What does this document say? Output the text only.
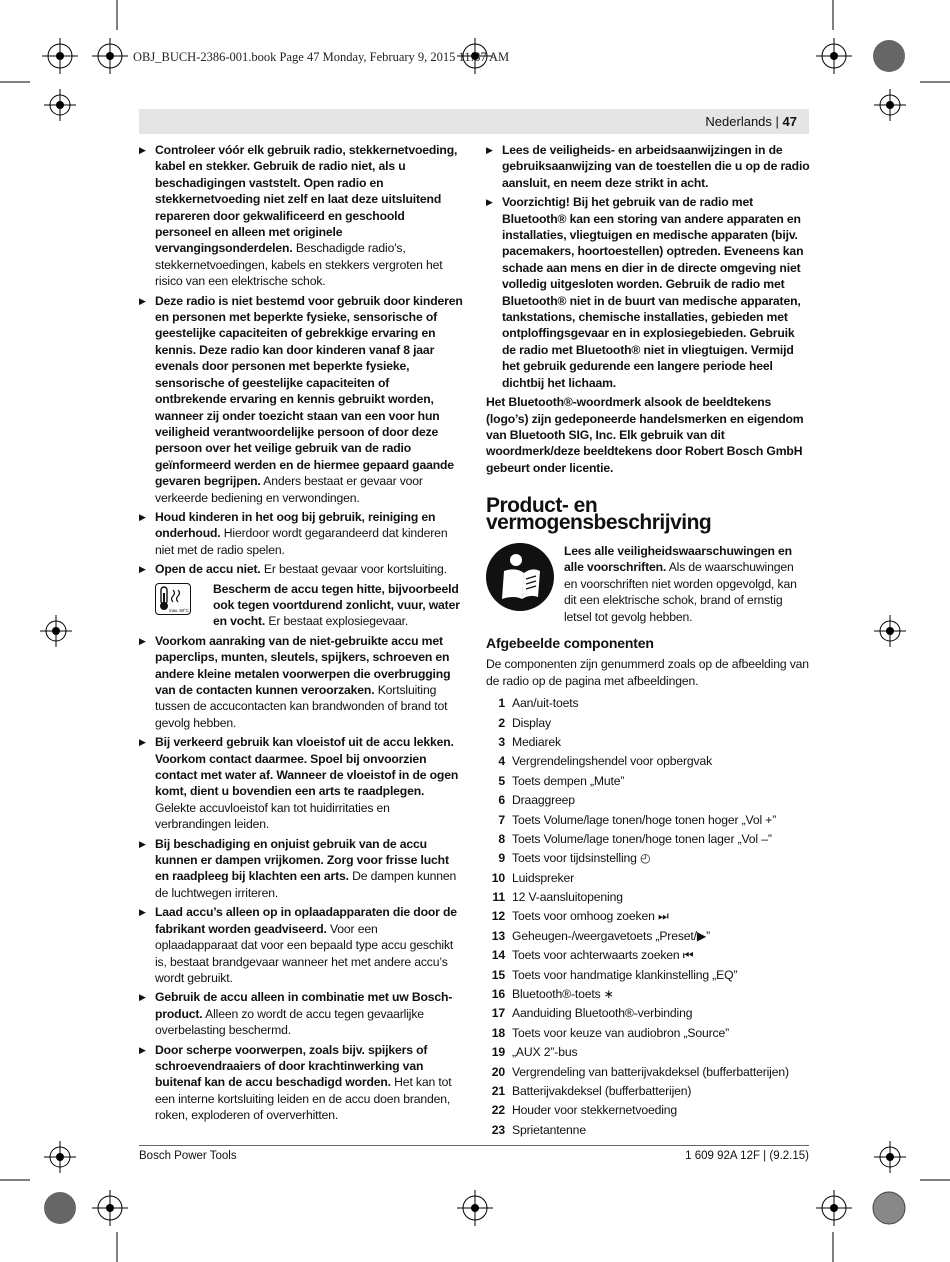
OBJ_BUCH-2386-001.book Page 47 Monday, February 9, 2015 11:37 AM
Nederlands | 47
▶ Controleer vóór elk gebruik radio, stekkernetvoeding, kabel en stekker. Gebruik de radio niet, als u beschadigingen vaststelt. Open radio en stekkernetvoeding niet zelf en laat deze uitsluitend repareren door gekwalificeerd en geschoold personeel en alleen met originele vervangingsonderdelen. Beschadigde radio's, stekkernetvoedingen, kabels en stekkers vergroten het risico van een elektrische schok.
▶ Deze radio is niet bestemd voor gebruik door kinderen en personen met beperkte fysieke, sensorische of geestelijke capaciteiten of gebrekkige ervaring en kennis. Deze radio kan door kinderen vanaf 8 jaar evenals door personen met beperkte fysieke, sensorische of geestelijke capaciteiten of ontbrekende ervaring en kennis gebruikt worden, wanneer zij onder toezicht staan van een voor hun veiligheid verantwoordelijke persoon of door deze persoon over het veilige gebruik van de radio geïnformeerd werden en de hiermee gepaard gaande gevaren begrijpen. Anders bestaat er gevaar voor verkeerde bediening en verwondingen.
▶ Houd kinderen in het oog bij gebruik, reiniging en onderhoud. Hierdoor wordt gegarandeerd dat kinderen niet met de radio spelen.
▶ Open de accu niet. Er bestaat gevaar voor kortsluiting.
max. 50°C
Bescherm de accu tegen hitte, bijvoorbeeld ook tegen voortdurend zonlicht, vuur, water en vocht. Er bestaat explosiegevaar.
▶ Voorkom aanraking van de niet-gebruikte accu met paperclips, munten, sleutels, spijkers, schroeven en andere kleine metalen voorwerpen die overbrugging van de contacten kunnen veroorzaken. Kortsluiting tussen de accucontacten kan brandwonden of brand tot gevolg hebben.
▶ Bij verkeerd gebruik kan vloeistof uit de accu lekken. Voorkom contact daarmee. Spoel bij onvoorzien contact met water af. Wanneer de vloeistof in de ogen komt, dient u bovendien een arts te raadplegen. Gelekte accuvloeistof kan tot huidirritaties en verbrandingen leiden.
▶ Bij beschadiging en onjuist gebruik van de accu kunnen er dampen vrijkomen. Zorg voor frisse lucht en raadpleeg bij klachten een arts. De dampen kunnen de luchtwegen irriteren.
▶ Laad accu’s alleen op in oplaadapparaten die door de fabrikant worden geadviseerd. Voor een oplaadapparaat dat voor een bepaald type accu geschikt is, bestaat brandgevaar wanneer het met andere accu’s wordt gebruikt.
▶ Gebruik de accu alleen in combinatie met uw Bosch-product. Alleen zo wordt de accu tegen gevaarlijke overbelasting beschermd.
▶ Door scherpe voorwerpen, zoals bijv. spijkers of schroevendraaiers of door krachtinwerking van buitenaf kan de accu beschadigd worden. Het kan tot een interne kortsluiting leiden en de accu doen branden, roken, exploderen of oververhitten.
▶ Lees de veiligheids- en arbeidsaanwijzingen in de gebruiksaanwijzing van de toestellen die u op de radio aansluit, en neem deze strikt in acht.
▶ Voorzichtig! Bij het gebruik van de radio met Bluetooth® kan een storing van andere apparaten en installaties, vliegtuigen en medische apparaten (bijv. pacemakers, hoortoestellen) optreden. Eveneens kan schade aan mens en dier in de directe omgeving niet volledig uitgesloten worden. Gebruik de radio met Bluetooth® niet in de buurt van medische apparaten, tankstations, chemische installaties, gebieden met ontploffingsgevaar en in explosiegebieden. Gebruik de radio met Bluetooth® niet in vliegtuigen. Vermijd het gebruik gedurende een langere periode heel dichtbij het lichaam.

Het Bluetooth®-woordmerk alsook de beeldtekens (logo’s) zijn gedeponeerde handelsmerken en eigendom van Bluetooth SIG, Inc. Elk gebruik van dit woordmerk/deze beeldtekens door Robert Bosch GmbH gebeurt onder licentie.

Product- en vermogensbeschrijving
Lees alle veiligheidswaarschuwingen en alle voorschriften. Als de waarschuwingen en voorschriften niet worden opgevolgd, kan dit een elektrische schok, brand of ernstig letsel tot gevolg hebben.
Afgebeelde componenten

De componenten zijn genummerd zoals op de afbeelding van de radio op de pagina met afbeeldingen.

1 Aan/uit-toets
2 Display
3 Mediarek
4 Vergrendelingshendel voor opbergvak
5 Toets dempen „Mute”
6 Draaggreep
7 Toets Volume/lage tonen/hoge tonen hoger „Vol +”
8 Toets Volume/lage tonen/hoge tonen lager „Vol –”
9 Toets voor tijdsinstelling ◴
10 Luidspreker
11 12 V-aansluitopening
12 Toets voor omhoog zoeken ⏭
13 Geheugen-/weergavetoets „Preset/▶”
14 Toets voor achterwaarts zoeken ⏮
15 Toets voor handmatige klankinstelling „EQ”
16 Bluetooth®-toets ∗
17 Aanduiding Bluetooth®-verbinding
18 Toets voor keuze van audiobron „Source”
19 „AUX 2”-bus
20 Vergrendeling van batterijvakdeksel (bufferbatterijen)
21 Batterijvakdeksel (bufferbatterijen)
22 Houder voor stekkernetvoeding
23 Sprietantenne
Bosch Power Tools	1 609 92A 12F | (9.2.15)
